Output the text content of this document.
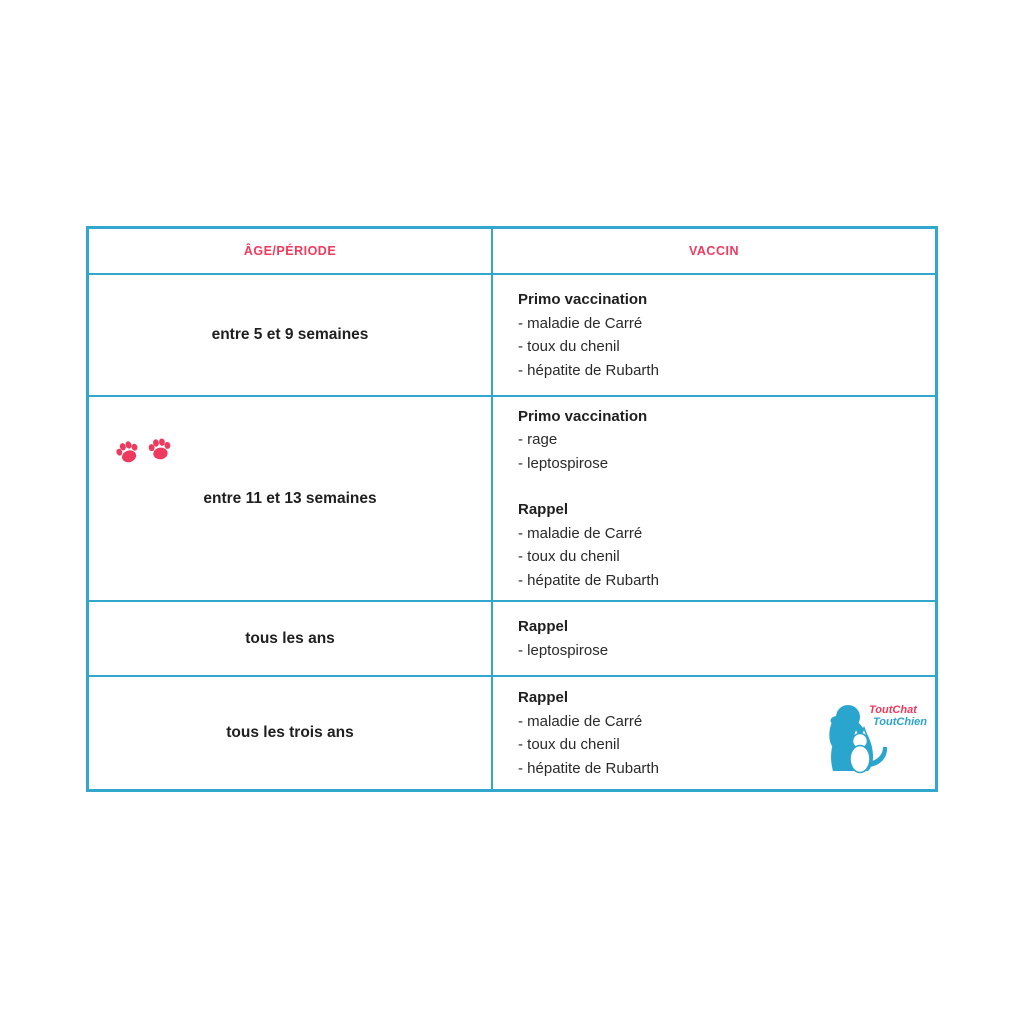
ÂGE/PÉRIODE	VACCIN
entre 5 et 9 semaines
Primo vaccination
- maladie de Carré
- toux du chenil
- hépatite de Rubarth
entre 11 et 13 semaines
Primo vaccination
- rage
- leptospirose
Rappel
- maladie de Carré
- toux du chenil
- hépatite de Rubarth
tous les ans
Rappel
- leptospirose
tous les trois ans
Rappel
- maladie de Carré
- toux du chenil
- hépatite de Rubarth
ToutChat
ToutChien
